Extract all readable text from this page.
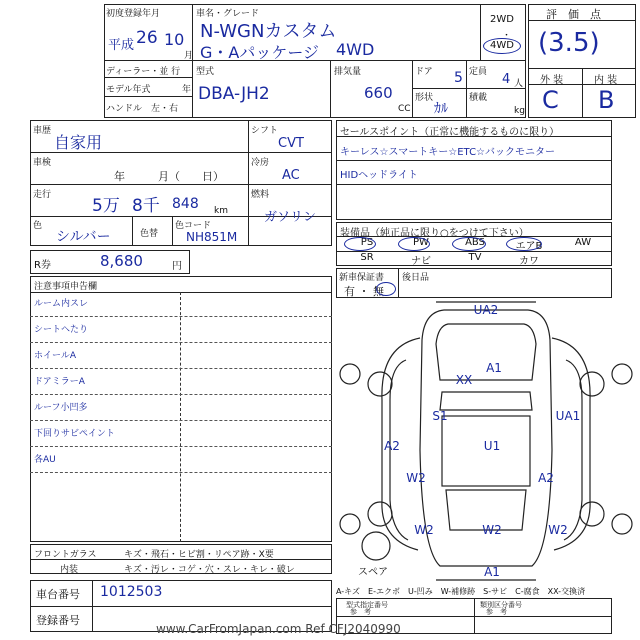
初度登録年月
平成 26 10
月
車名・グレード
N-WGNカスタム
G・Aパッケージ 4WD
2WD
・
4WD
ディーラー・並 行
モデル年式	年
ハンドル　左・右
型式
DBA-JH2
排気量
660
CC
ドア 5 定員 4 人
形状
ｶﾙ
積載
kg
評　価　点
(3.5)
外 装	内 装
C B
車歴
自家用
車検
年　　　月（　　日）
走行
5万 8千 848 km
色
シルバー	色替
色コード
NH851M
シフト
CVT
冷房
AC
燃料
ガソリン
R券	8,680	円
セールスポイント（正常に機能するものに限り）
キーレス☆スマートキー☆ETC☆バックモニター
HIDヘッドライト
装備品（純正品に限り○をつけて下さい）
PS	PW	ABS	エアB	AW
SR	ナビ	TV	カワ
新車保証書
有 ・ 無
後日品
注意事項申告欄
ルーム内スレ
シートヘたり
ホイールA
ドアミラーA
ルーフ小凹多
下回りサビペイント
各AU
UA2
A1
XX
S1	UA1
A2	U1
W2	A2
W2	W2	W2
A1
スペア
A-キズ　E-エクボ　U-凹み　W-補修跡　S-サビ　C-腐食　XX-交換済
フロントガラス	キズ・飛石・ヒビ割・リペア跡・X要
内装	キズ・汚レ・コゲ・穴・スレ・キレ・破レ
車台番号 1012503
登録番号
型式指定番号
参　考
類別区分番号
参　考
www.CarFromJapan.com Ref CFJ2040990
